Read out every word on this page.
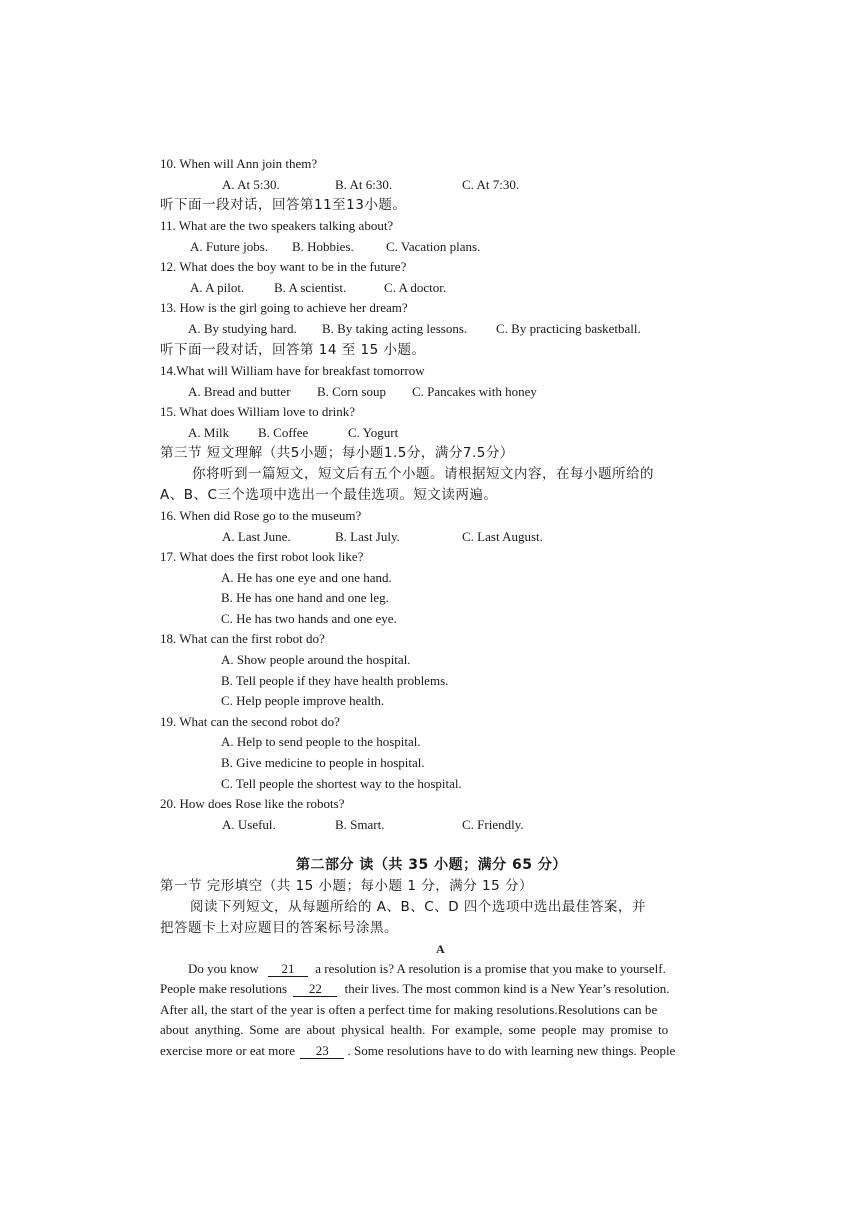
10. When will Ann join them?
A. At 5:30.	B. At 6:30.	C. At 7:30.
听下面一段对话，回答第11至13小题。
11. What are the two speakers talking about?
A. Future jobs. B. Hobbies. C. Vacation plans.
12. What does the boy want to be in the future?
A. A pilot. B. A scientist.	C. A doctor.
13. How is the girl going to achieve her dream?
A. By studying hard. B. By taking acting lessons. C. By practicing basketball.
听下面一段对话，回答第 14 至 15 小题。
14.What will William have for breakfast tomorrow
A. Bread and butter B. Corn soup C. Pancakes with honey
15. What does William love to drink?
A. Milk B. Coffee	C. Yogurt
第三节 短文理解（共5小题；每小题1.5分，满分7.5分）
你将听到一篇短文，短文后有五个小题。请根据短文内容，在每小题所给的
A、B、C三个选项中选出一个最佳选项。短文读两遍。
16. When did Rose go to the museum?
A. Last June.	B. Last July.	C. Last August.
17. What does the first robot look like?
A. He has one eye and one hand.
B. He has one hand and one leg.
C. He has two hands and one eye.
18. What can the first robot do?
A. Show people around the hospital.
B. Tell people if they have health problems.
C. Help people improve health.
19. What can the second robot do?
A. Help to send people to the hospital.
B. Give medicine to people in hospital.
C. Tell people the shortest way to the hospital.
20. How does Rose like the robots?
A. Useful.	B. Smart.	C. Friendly.
第二部分 读（共 35 小题；满分 65 分）
第一节 完形填空（共 15 小题；每小题 1 分，满分 15 分）
阅读下列短文，从每题所给的 A、B、C、D 四个选项中选出最佳答案，并
把答题卡上对应题目的答案标号涂黑。
A
Do you know 21 a resolution is? A resolution is a promise that you make to yourself.
People make resolutions 22 their lives. The most common kind is a New Year’s resolution.
After all, the start of the year is often a perfect time for making resolutions.Resolutions can be
about anything. Some are about physical health. For example, some people may promise to
exercise more or eat more 23 . Some resolutions have to do with learning new things. People
